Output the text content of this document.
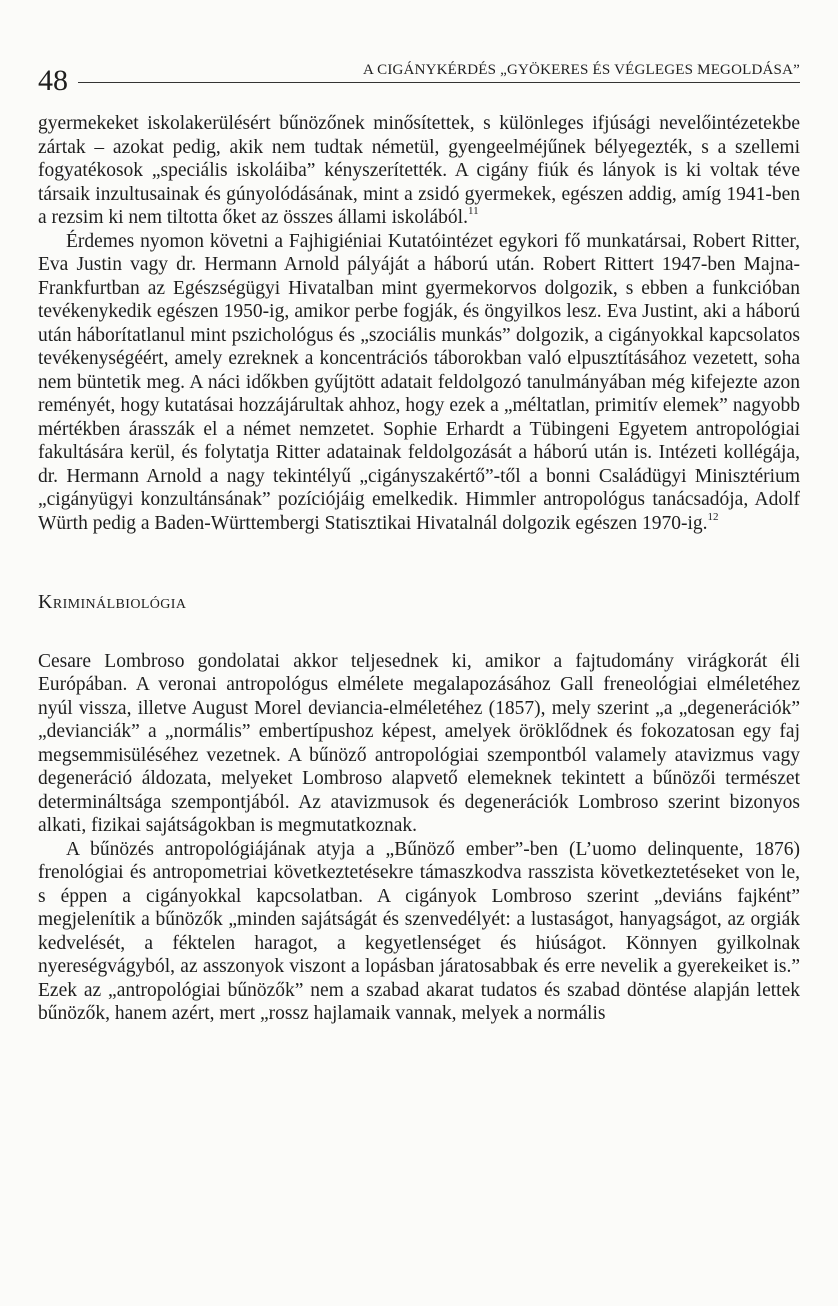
48	A CIGÁNYKÉRDÉS „GYÖKERES ÉS VÉGLEGES MEGOLDÁSA”

gyermekeket iskolakerülésért bűnözőnek minősítettek, s különleges ifjúsági nevelőintézetekbe zártak – azokat pedig, akik nem tudtak németül, gyengeelméjűnek bélyegezték, s a szellemi fogyatékosok „speciális iskoláiba” kényszerítették. A cigány fiúk és lányok is ki voltak téve társaik inzultusainak és gúnyolódásának, mint a zsidó gyermekek, egészen addig, amíg 1941-ben a rezsim ki nem tiltotta őket az összes állami iskolából.$^{11}$

Érdemes nyomon követni a Fajhigiéniai Kutatóintézet egykori fő munkatársai, Robert Ritter, Eva Justin vagy dr. Hermann Arnold pályáját a háború után. Robert Rittert 1947-ben Majna-Frankfurtban az Egészségügyi Hivatalban mint gyermekorvos dolgozik, s ebben a funkcióban tevékenykedik egészen 1950-ig, amikor perbe fogják, és öngyilkos lesz. Eva Justint, aki a háború után háborítatlanul mint pszichológus és „szociális munkás” dolgozik, a cigányokkal kapcsolatos tevékenységéért, amely ezreknek a koncentrációs táborokban való elpusztításához vezetett, soha nem büntetik meg. A náci időkben gyűjtött adatait feldolgozó tanulmányában még kifejezte azon reményét, hogy kutatásai hozzájárultak ahhoz, hogy ezek a „méltatlan, primitív elemek” nagyobb mértékben árasszák el a német nemzetet. Sophie Erhardt a Tübingeni Egyetem antropológiai fakultására kerül, és folytatja Ritter adatainak feldolgozását a háború után is. Intézeti kollégája, dr. Hermann Arnold a nagy tekintélyű „cigányszakértő”-től a bonni Családügyi Minisztérium „cigányügyi konzultánsának” pozíciójáig emelkedik. Himmler antropológus tanácsadója, Adolf Würth pedig a Baden-Württembergi Statisztikai Hivatalnál dolgozik egészen 1970-ig.$^{12}$

Kriminálbiológia

Cesare Lombroso gondolatai akkor teljesednek ki, amikor a fajtudomány virágkorát éli Európában. A veronai antropológus elmélete megalapozásához Gall freneológiai elméletéhez nyúl vissza, illetve August Morel deviancia-elméletéhez (1857), mely szerint „a „degenerációk” „devianciák” a „normális” embertípushoz képest, amelyek öröklődnek és fokozatosan egy faj megsemmisüléséhez vezetnek. A bűnöző antropológiai szempontból valamely atavizmus vagy degeneráció áldozata, melyeket Lombroso alapvető elemeknek tekintett a bűnözői természet determináltsága szempontjából. Az atavizmusok és degenerációk Lombroso szerint bizonyos alkati, fizikai sajátságokban is megmutatkoznak.

A bűnözés antropológiájának atyja a „Bűnöző ember”-ben (L’uomo delinquente, 1876) frenológiai és antropometriai következtetésekre támaszkodva rasszista következtetéseket von le, s éppen a cigányokkal kapcsolatban. A cigányok Lombroso szerint „deviáns fajként” megjelenítik a bűnözők „minden sajátságát és szenvedélyét: a lustaságot, hanyagságot, az orgiák kedvelését, a féktelen haragot, a kegyetlenséget és hiúságot. Könnyen gyilkolnak nyereségvágyból, az asszonyok viszont a lopásban járatosabbak és erre nevelik a gyerekeiket is.” Ezek az „antropológiai bűnözők” nem a szabad akarat tudatos és szabad döntése alapján lettek bűnözők, hanem azért, mert „rossz hajlamaik vannak, melyek a normális
